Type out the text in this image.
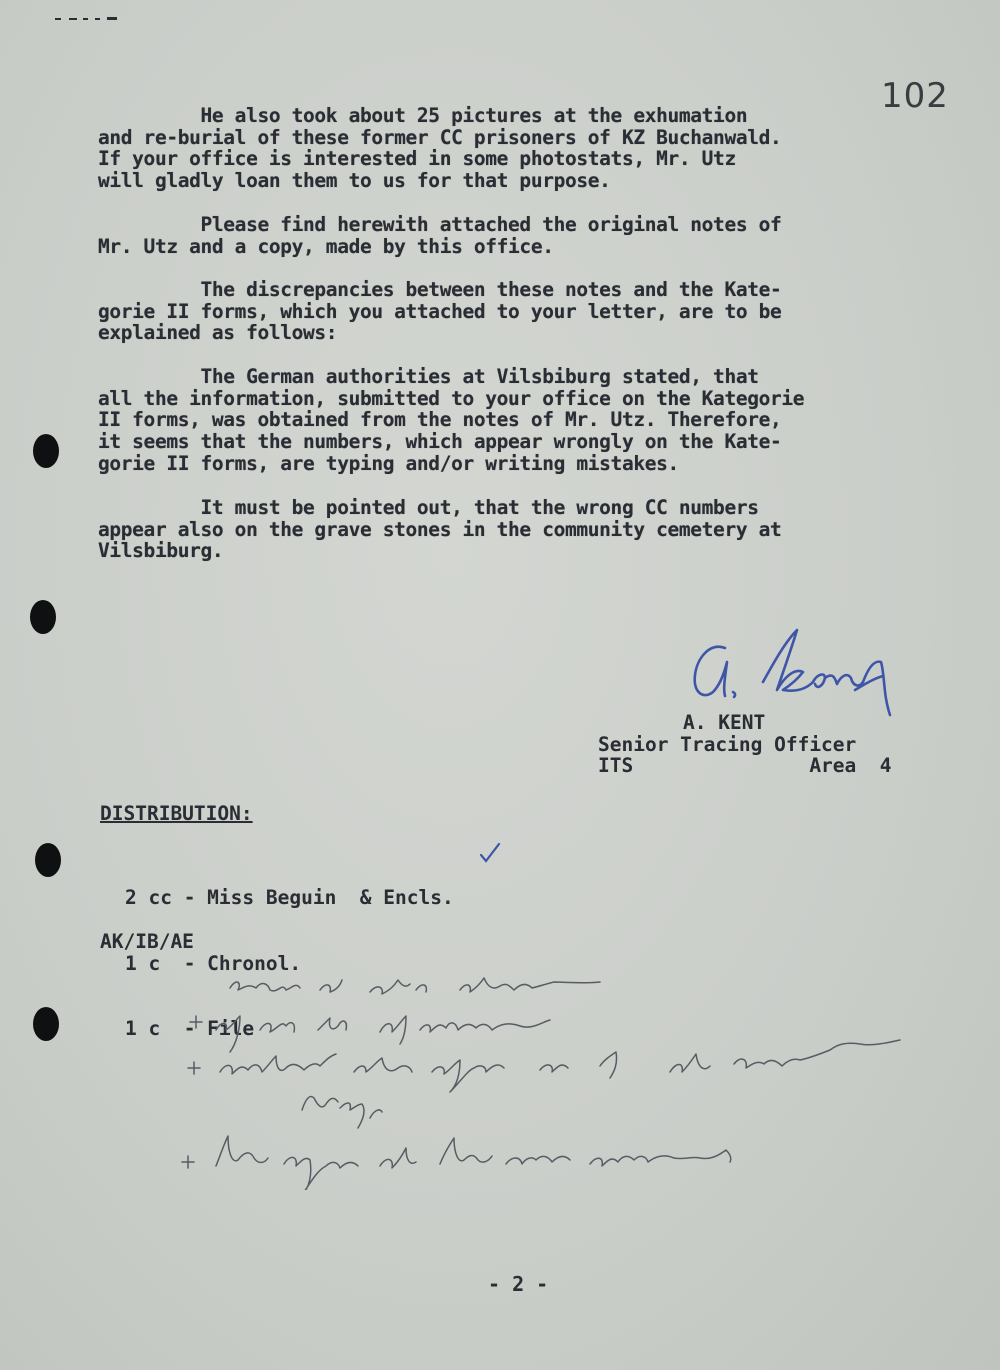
102

He also took about 25 pictures at the exhumation
and re-burial of these former CC prisoners of KZ Buchanwald.
If your office is interested in some photostats, Mr. Utz
will gladly loan them to us for that purpose.

Please find herewith attached the original notes of
Mr. Utz and a copy, made by this office.

The discrepancies between these notes and the Kate-
gorie II forms, which you attached to your letter, are to be
explained as follows:

The German authorities at Vilsbiburg stated, that
all the information, submitted to your office on the Kategorie
II forms, was obtained from the notes of Mr. Utz. Therefore,
it seems that the numbers, which appear wrongly on the Kate-
gorie II forms, are typing and/or writing mistakes.

It must be pointed out, that the wrong CC numbers
appear also on the grave stones in the community cemetery at
Vilsbiburg.

A. KENT
Senior Tracing Officer
ITS               Area  4
DISTRIBUTION:

2 cc - Miss Beguin  & Encls.

1 c  - Chronol.

1 c  - File

AK/IB/AE
- 2 -
